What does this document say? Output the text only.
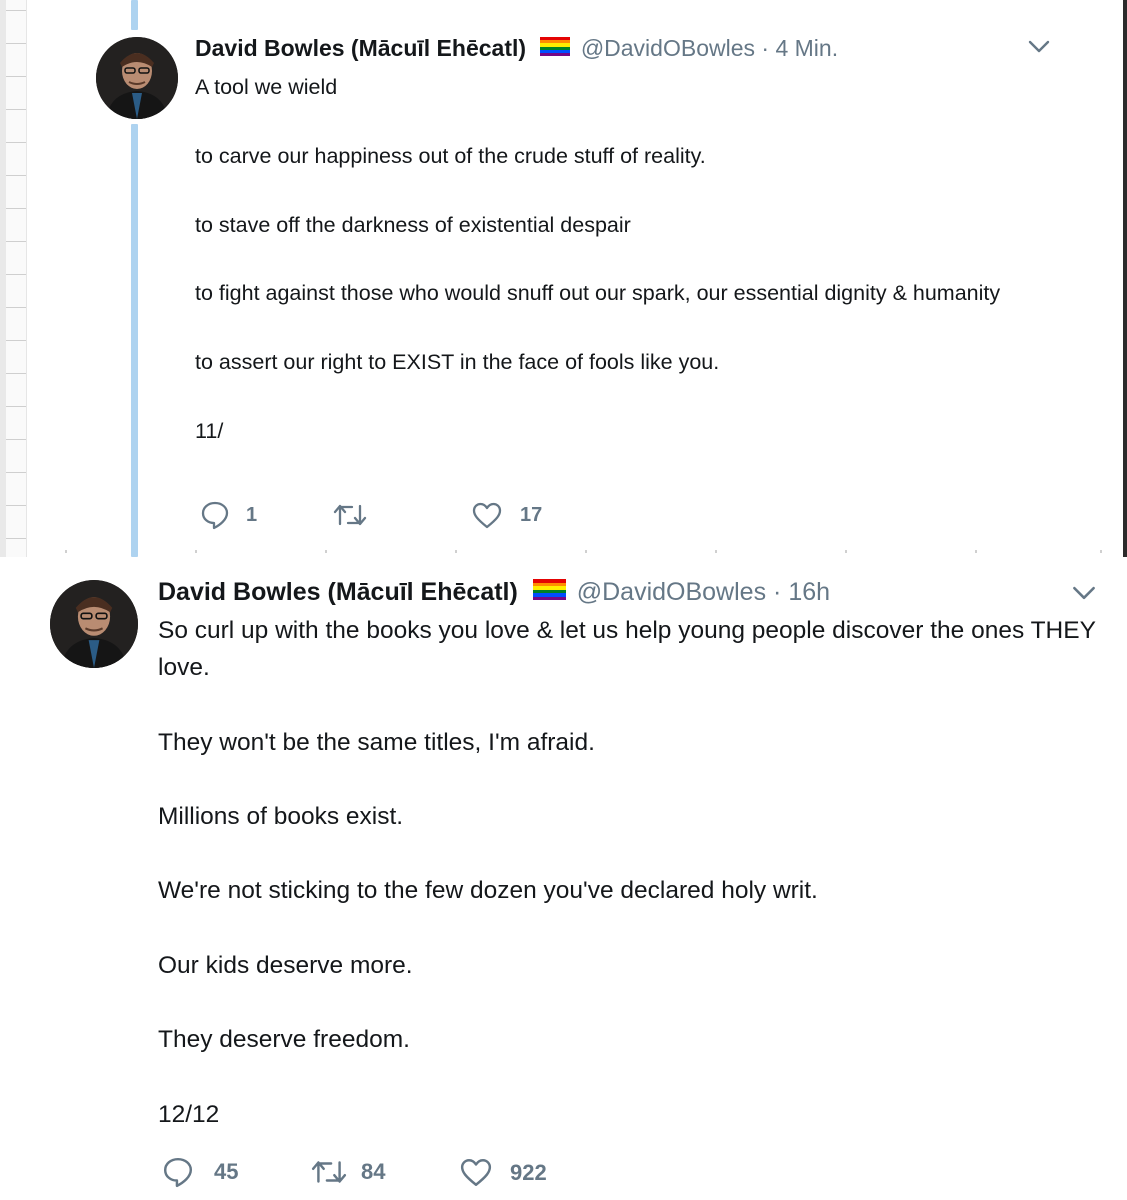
David Bowles (Mācuīl Ehēcatl) @DavidOBowles · 4 Min.

A tool we wield

to carve our happiness out of the crude stuff of reality.

to stave off the darkness of existential despair

to fight against those who would snuff out our spark, our essential dignity & humanity

to assert our right to EXIST in the face of fools like you.

11/

1	17
David Bowles (Mācuīl Ehēcatl) @DavidOBowles · 16h

So curl up with the books you love & let us help young people discover the ones THEY love.

They won't be the same titles, I'm afraid.

Millions of books exist.

We're not sticking to the few dozen you've declared holy writ.

Our kids deserve more.

They deserve freedom.

12/12

45	84	922
